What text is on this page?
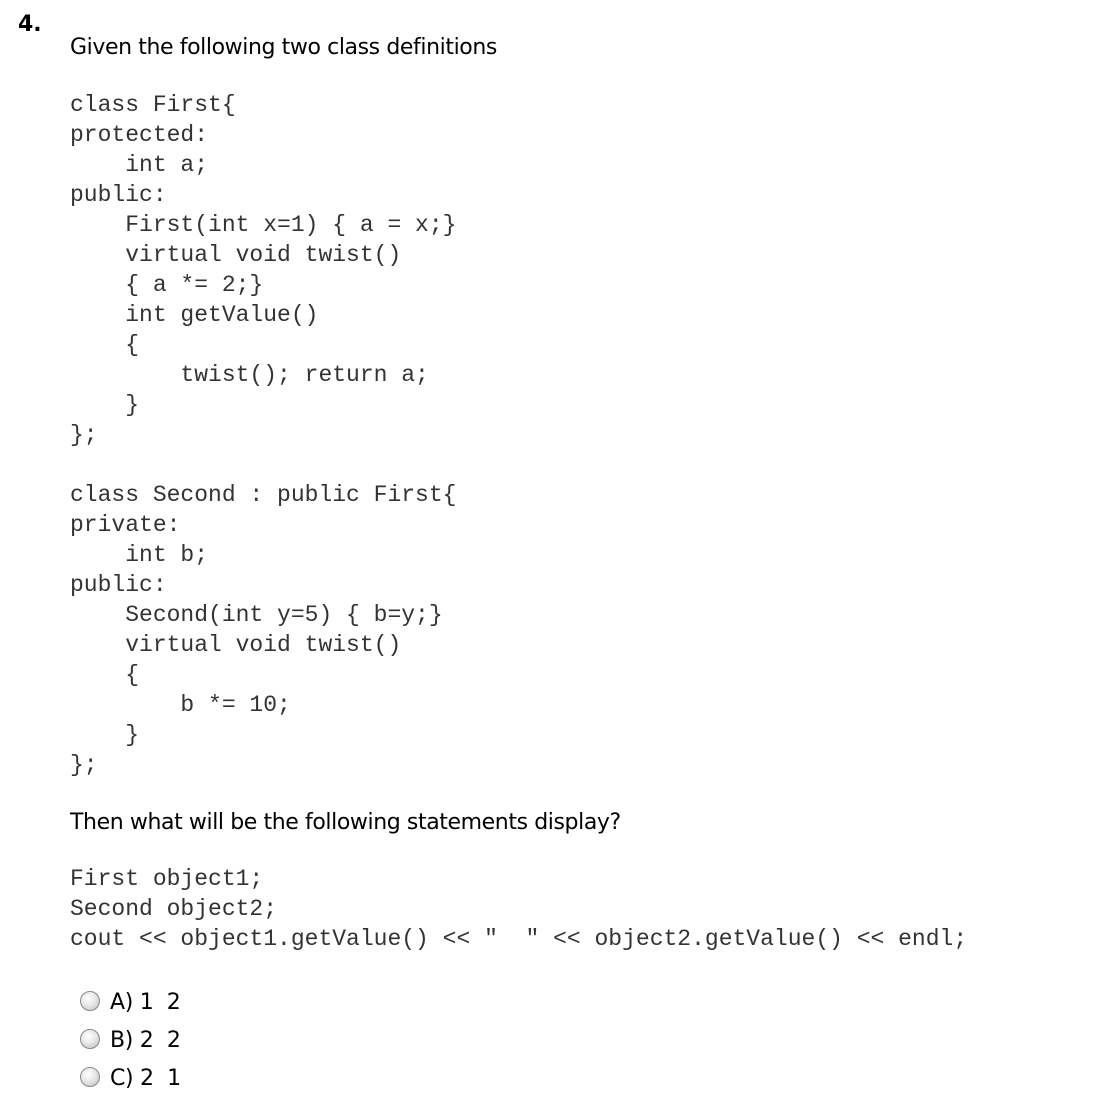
4.
Given the following two class definitions
class First{
protected:
int a;
public:
First(int x=1) { a = x;}
virtual void twist()
{ a *= 2;}
int getValue()
{
twist(); return a;
}
};
class Second : public First{
private:
int b;
public:
Second(int y=5) { b=y;}
virtual void twist()
{
b *= 10;
}
};
Then what will be the following statements display?
First object1;
Second object2;
cout << object1.getValue() << "  " << object2.getValue() << endl;
A) 1  2
B) 2  2
C) 2  1
